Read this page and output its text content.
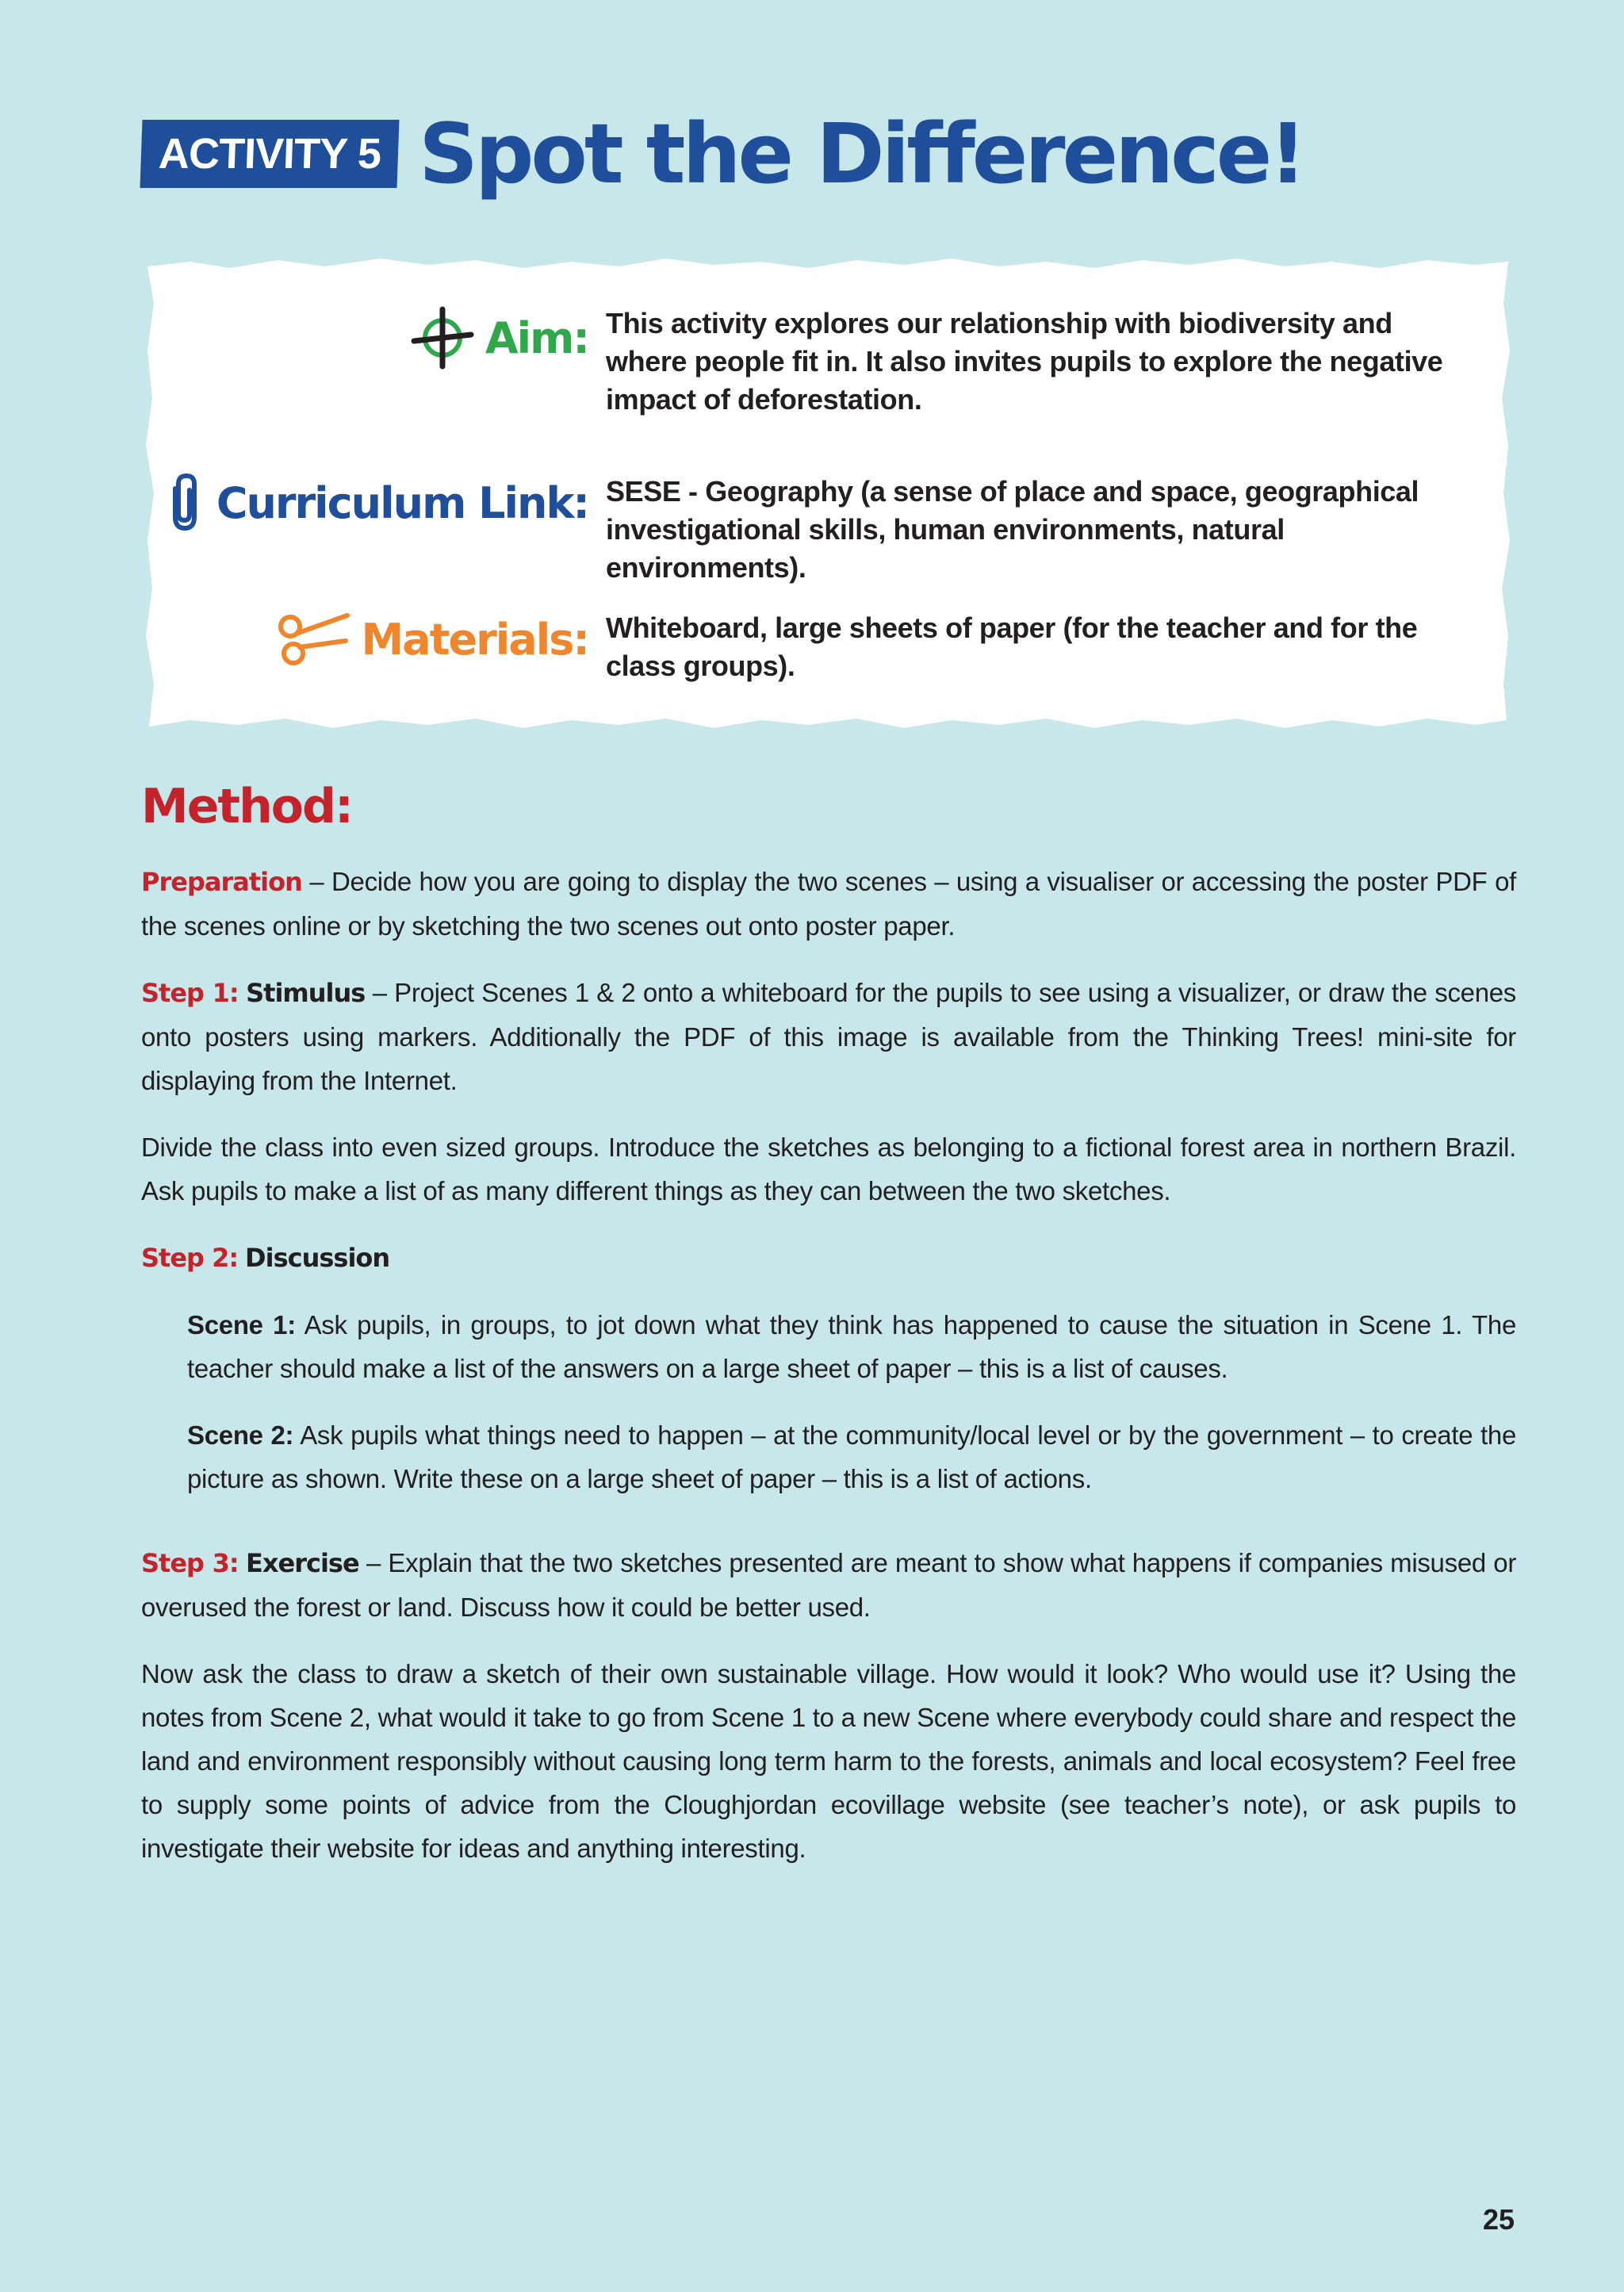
ACTIVITY 5 Spot the Difference!
Aim: This activity explores our relationship with biodiversity and where people fit in. It also invites pupils to explore the negative impact of deforestation.
Curriculum Link: SESE - Geography (a sense of place and space, geographical investigational skills, human environments, natural environments).
Materials: Whiteboard, large sheets of paper (for the teacher and for the class groups).
Method:

Preparation – Decide how you are going to display the two scenes – using a visualiser or accessing the poster PDF of the scenes online or by sketching the two scenes out onto poster paper.

Step 1: Stimulus – Project Scenes 1 & 2 onto a whiteboard for the pupils to see using a visualizer, or draw the scenes onto posters using markers. Additionally the PDF of this image is available from the Thinking Trees! mini-site for displaying from the Internet.

Divide the class into even sized groups. Introduce the sketches as belonging to a fictional forest area in northern Brazil. Ask pupils to make a list of as many different things as they can between the two sketches.

Step 2: Discussion

Scene 1: Ask pupils, in groups, to jot down what they think has happened to cause the situation in Scene 1. The teacher should make a list of the answers on a large sheet of paper – this is a list of causes.

Scene 2: Ask pupils what things need to happen – at the community/local level or by the government – to create the picture as shown. Write these on a large sheet of paper – this is a list of actions.

Step 3: Exercise – Explain that the two sketches presented are meant to show what happens if companies misused or overused the forest or land. Discuss how it could be better used.

Now ask the class to draw a sketch of their own sustainable village. How would it look? Who would use it? Using the notes from Scene 2, what would it take to go from Scene 1 to a new Scene where everybody could share and respect the land and environment responsibly without causing long term harm to the forests, animals and local ecosystem? Feel free to supply some points of advice from the Cloughjordan ecovillage website (see teacher’s note), or ask pupils to investigate their website for ideas and anything interesting.

25
